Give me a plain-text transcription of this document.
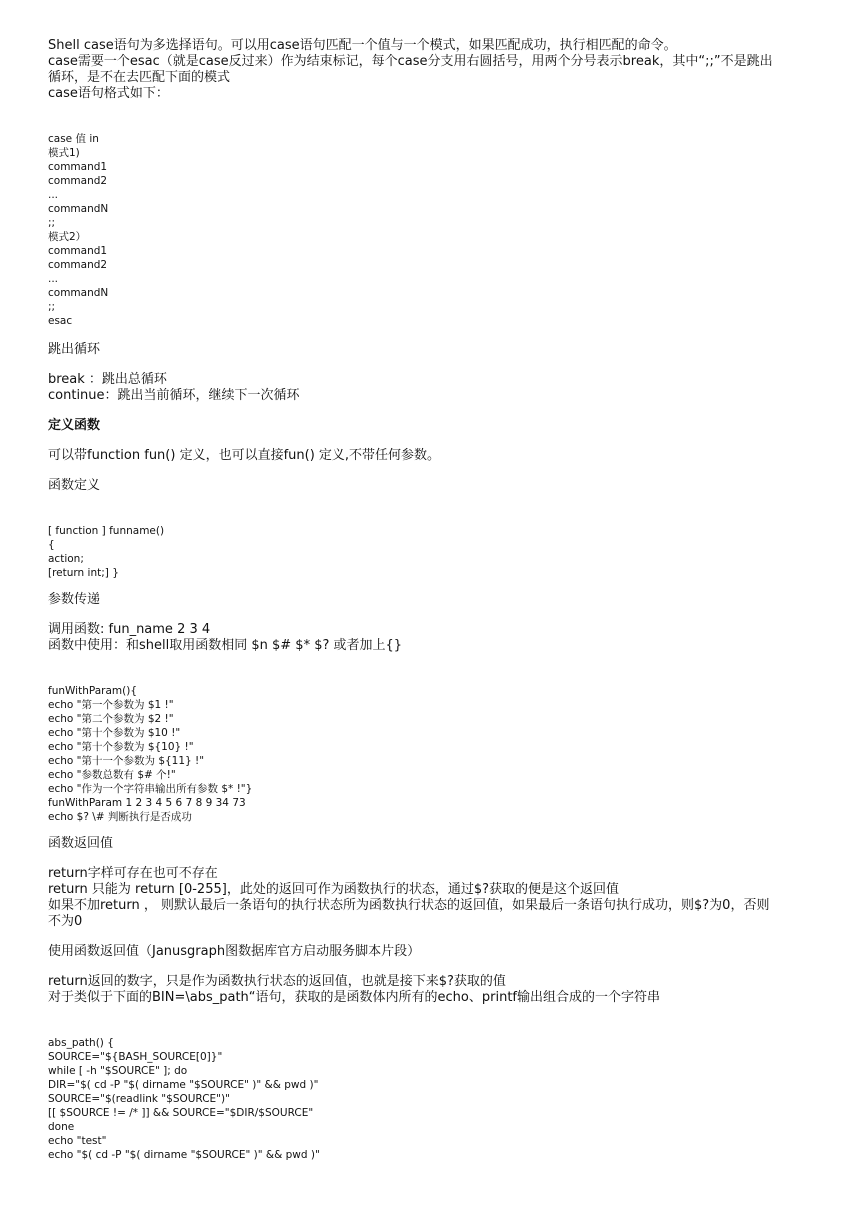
Shell case语句为多选择语句。可以用case语句匹配一个值与一个模式，如果匹配成功，执行相匹配的命令。

case需要一个esac（就是case反过来）作为结束标记，每个case分支用右圆括号，用两个分号表示break，其中“;;”不是跳出

循环，是不在去匹配下面的模式

case语句格式如下：

case 值 in
模式1)
command1
command2
...
commandN
;;
模式2）
command1
command2
...
commandN
;;
esac

跳出循环

break ：跳出总循环

continue：跳出当前循环，继续下一次循环

定义函数

可以带function fun() 定义，也可以直接fun() 定义,不带任何参数。

函数定义

[ function ] funname()
{
action;
[return int;] }

参数传递

调用函数: fun_name 2 3 4

函数中使用：和shell取用函数相同 $n $# $* $? 或者加上{}

funWithParam(){
echo "第一个参数为 $1 !"
echo "第二个参数为 $2 !"
echo "第十个参数为 $10 !"
echo "第十个参数为 ${10} !"
echo "第十一个参数为 ${11} !"
echo "参数总数有 $# 个!"
echo "作为一个字符串输出所有参数 $* !"}
funWithParam 1 2 3 4 5 6 7 8 9 34 73
echo $? \# 判断执行是否成功

函数返回值

return字样可存在也可不存在

return 只能为 return [0-255]，此处的返回可作为函数执行的状态，通过$?获取的便是这个返回值

如果不加return ， 则默认最后一条语句的执行状态所为函数执行状态的返回值，如果最后一条语句执行成功，则$?为0，否则

不为0

使用函数返回值（Janusgraph图数据库官方启动服务脚本片段）

return返回的数字，只是作为函数执行状态的返回值，也就是接下来$?获取的值

对于类似于下面的BIN=\abs_path“语句，获取的是函数体内所有的echo、printf输出组合成的一个字符串

abs_path() {
SOURCE="${BASH_SOURCE[0]}"
while [ -h "$SOURCE" ]; do
DIR="$( cd -P "$( dirname "$SOURCE" )" && pwd )"
SOURCE="$(readlink "$SOURCE")"
[[ $SOURCE != /* ]] && SOURCE="$DIR/$SOURCE"
done
echo "test"
echo "$( cd -P "$( dirname "$SOURCE" )" && pwd )"
